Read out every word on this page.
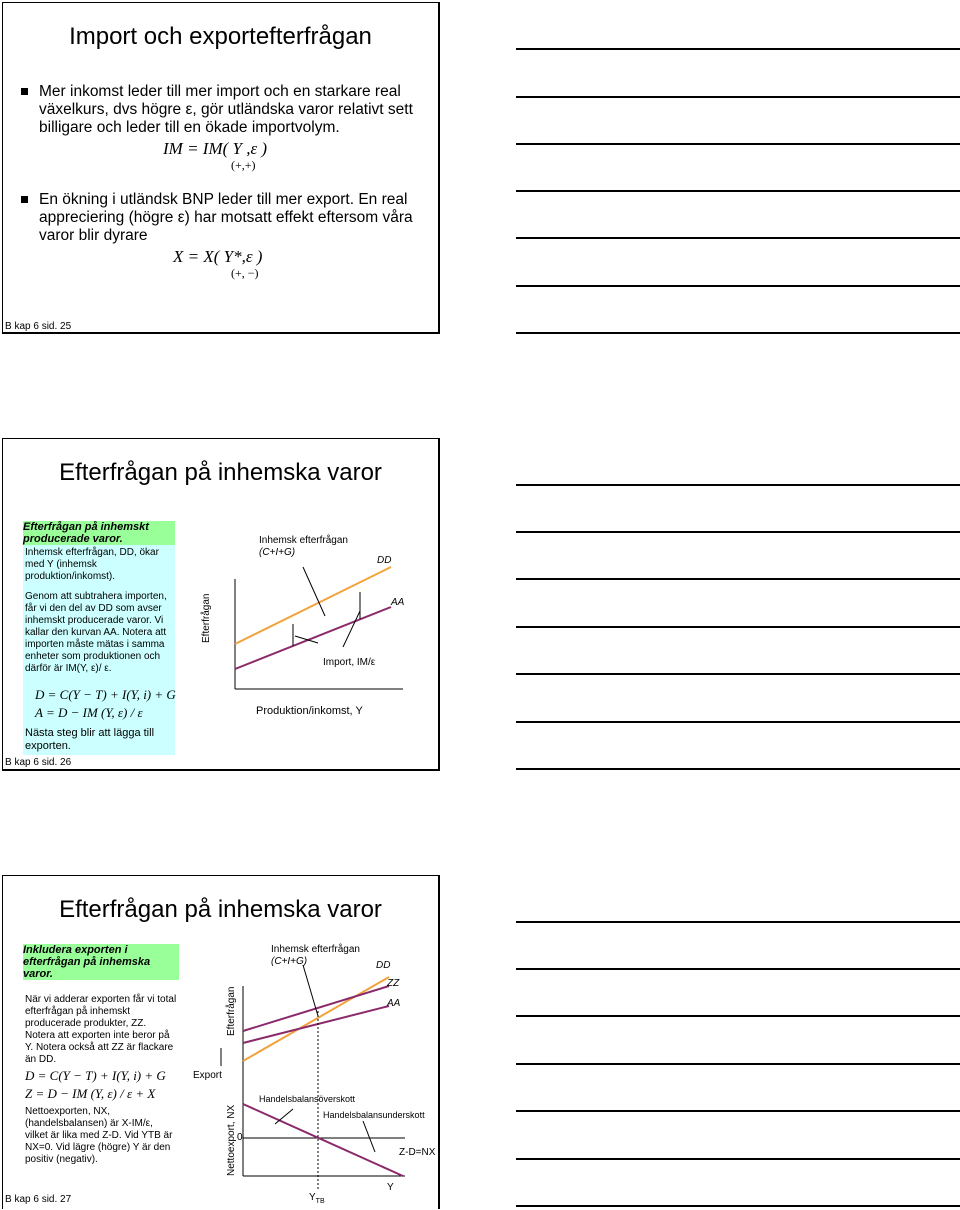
Import och exportefterfrågan
Mer inkomst leder till mer import och en starkare real växelkurs, dvs högre ε, gör utländska varor relativt sett billigare och leder till en ökade importvolym.
IM = IM( Y ,ε )
(+,+)
En ökning i utländsk BNP leder till mer export. En real appreciering (högre ε) har motsatt effekt eftersom våra varor blir dyrare
X = X( Y*,ε )
(+, −)
B kap 6 sid. 25
Efterfrågan på inhemska varor
Efterfrågan på inhemskt producerade varor.
Inhemsk efterfrågan, DD, ökar med Y (inhemsk produktion/inkomst).
Genom att subtrahera importen, får vi den del av DD som avser inhemskt producerade varor. Vi kallar den kurvan AA. Notera att importen måste mätas i samma enheter som produktionen och därför är IM(Y, ε)/ ε.
D = C(Y − T) + I(Y, i) + G
A = D − IM (Y, ε) / ε
Nästa steg blir att lägga till exporten.
B kap 6 sid. 26
Efterfrågan
Produktion/inkomst, Y
Inhemsk efterfrågan
(C+I+G)
DD
AA
Import, IM/ε
Efterfrågan på inhemska varor
Inkludera exporten i efterfrågan på inhemska varor.
När vi adderar exporten får vi total efterfrågan på inhemskt producerade produkter, ZZ. Notera att exporten inte beror på Y. Notera också att ZZ är flackare än DD.
D = C(Y − T) + I(Y, i) + G
Z = D − IM (Y, ε) / ε + X
Nettoexporten, NX, (handelsbalansen) är X-IM/ε, vilket är lika med Z-D. Vid YTB är NX=0. Vid lägre (högre) Y är den positiv (negativ).
B kap 6 sid. 27
Efterfrågan
Nettoexport, NX
Export
Inhemsk efterfrågan
(C+I+G)	DD
ZZ
AA
0
Handelsbalansöverskott
Handelsbalansunderskott
Z-D=NX
$Y_{TB}$
Y
